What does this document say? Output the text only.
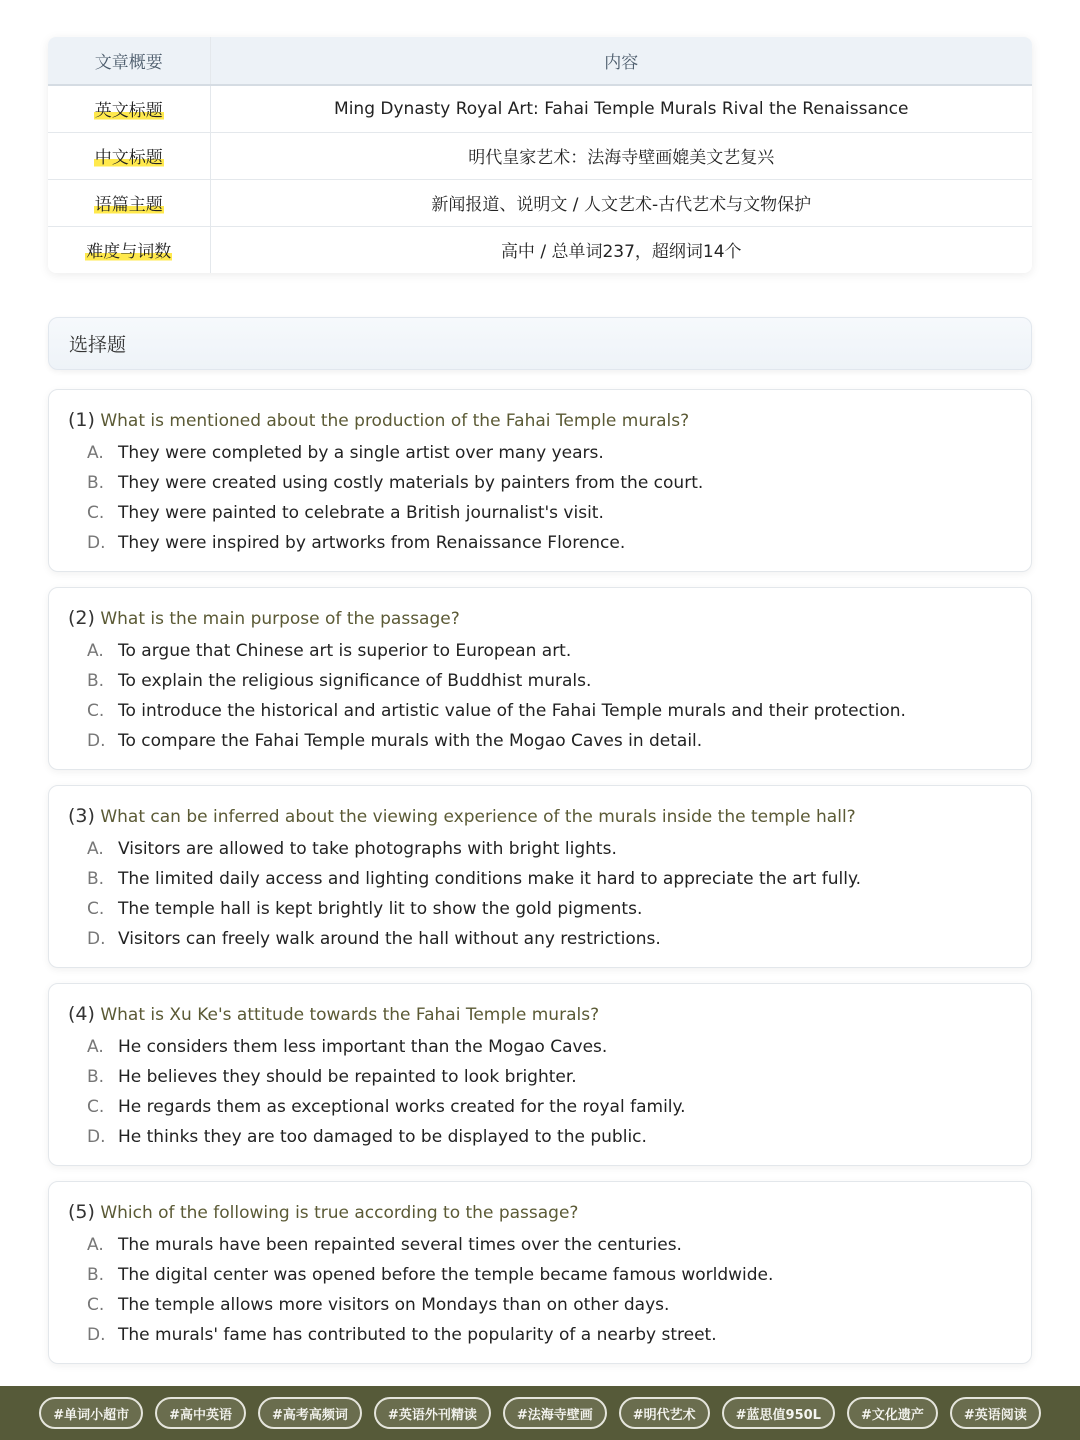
文章概要	内容
英文标题	Ming Dynasty Royal Art: Fahai Temple Murals Rival the Renaissance
中文标题	明代皇家艺术：法海寺壁画媲美文艺复兴
语篇主题	新闻报道、说明文 / 人文艺术-古代艺术与文物保护
难度与词数	高中 / 总单词237，超纲词14个
选择题
(1) What is mentioned about the production of the Fahai Temple murals?
A. They were completed by a single artist over many years.
B. They were created using costly materials by painters from the court.
C. They were painted to celebrate a British journalist's visit.
D. They were inspired by artworks from Renaissance Florence.
(2) What is the main purpose of the passage?
A. To argue that Chinese art is superior to European art.
B. To explain the religious significance of Buddhist murals.
C. To introduce the historical and artistic value of the Fahai Temple murals and their protection.
D. To compare the Fahai Temple murals with the Mogao Caves in detail.
(3) What can be inferred about the viewing experience of the murals inside the temple hall?
A. Visitors are allowed to take photographs with bright lights.
B. The limited daily access and lighting conditions make it hard to appreciate the art fully.
C. The temple hall is kept brightly lit to show the gold pigments.
D. Visitors can freely walk around the hall without any restrictions.
(4) What is Xu Ke's attitude towards the Fahai Temple murals?
A. He considers them less important than the Mogao Caves.
B. He believes they should be repainted to look brighter.
C. He regards them as exceptional works created for the royal family.
D. He thinks they are too damaged to be displayed to the public.
(5) Which of the following is true according to the passage?
A. The murals have been repainted several times over the centuries.
B. The digital center was opened before the temple became famous worldwide.
C. The temple allows more visitors on Mondays than on other days.
D. The murals' fame has contributed to the popularity of a nearby street.
#单词小超市	#高中英语	#高考高频词	#英语外刊精读	#法海寺壁画	#明代艺术	#蓝思值950L	#文化遗产	#英语阅读
